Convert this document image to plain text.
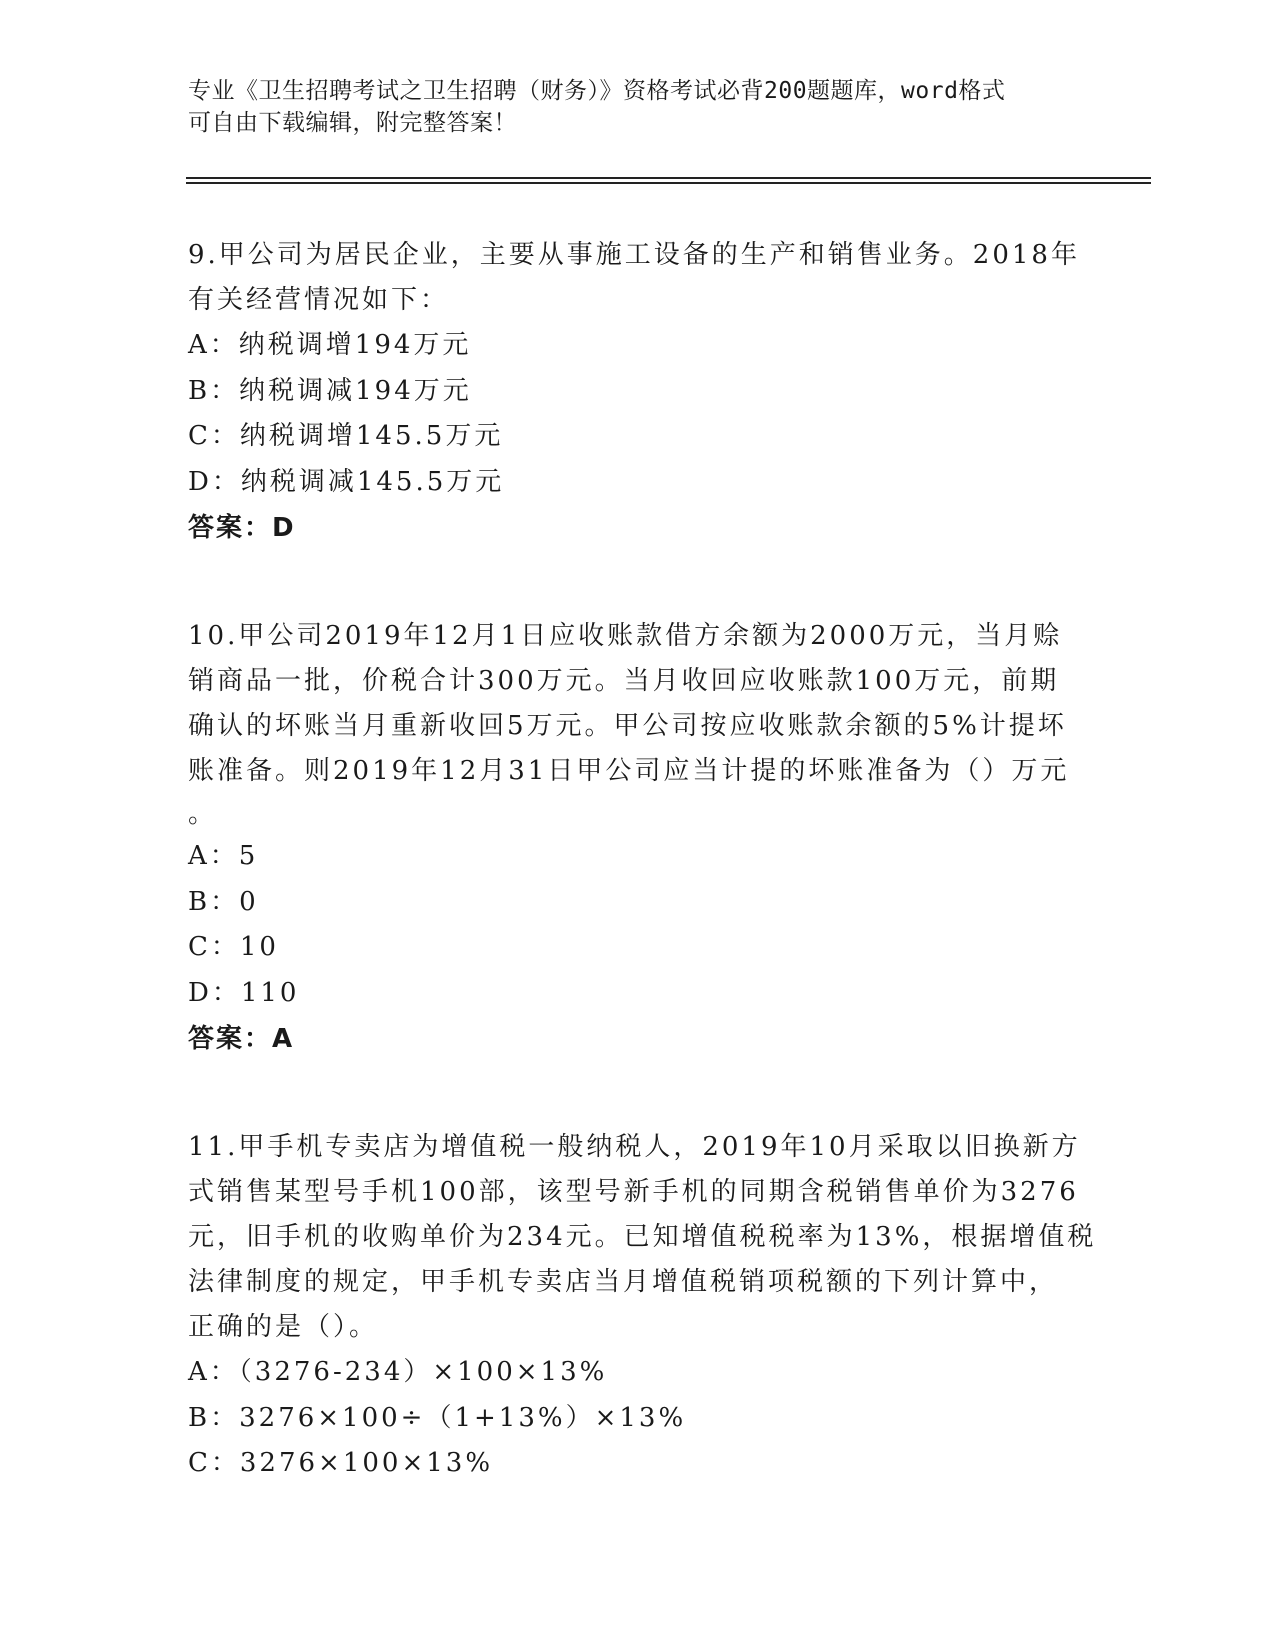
专业《卫生招聘考试之卫生招聘（财务）》资格考试必背200题题库，word格式
可自由下载编辑，附完整答案！
9.甲公司为居民企业，主要从事施工设备的生产和销售业务。2018年
有关经营情况如下：
A：纳税调增194万元
B：纳税调减194万元
C：纳税调增145.5万元
D：纳税调减145.5万元
答案：D
10.甲公司2019年12月1日应收账款借方余额为2000万元，当月赊
销商品一批，价税合计300万元。当月收回应收账款100万元，前期
确认的坏账当月重新收回5万元。甲公司按应收账款余额的5%计提坏
账准备。则2019年12月31日甲公司应当计提的坏账准备为（）万元
。
A：5
B：0
C：10
D：110
答案：A
11.甲手机专卖店为增值税一般纳税人，2019年10月采取以旧换新方
式销售某型号手机100部，该型号新手机的同期含税销售单价为3276
元，旧手机的收购单价为234元。已知增值税税率为13%，根据增值税
法律制度的规定，甲手机专卖店当月增值税销项税额的下列计算中，
正确的是（）。
A：（3276-234）×100×13%
B：3276×100÷（1+13%）×13%
C：3276×100×13%
